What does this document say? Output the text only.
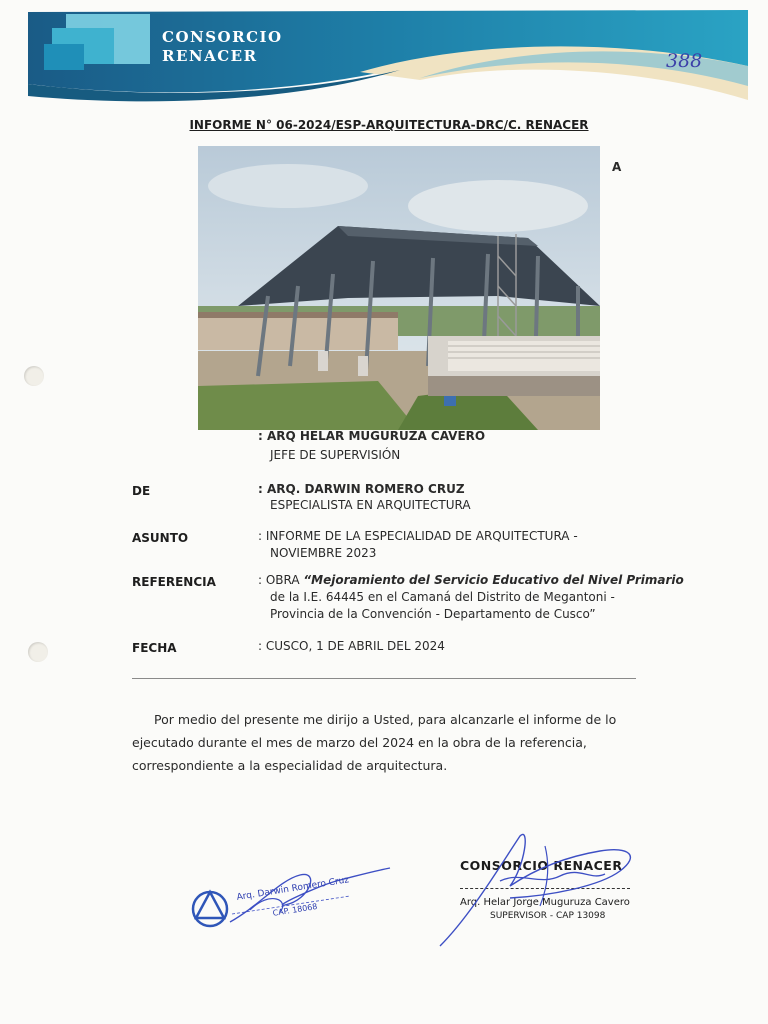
CONSORCIO
RENACER	388
INFORME N° 06-2024/ESP-ARQUITECTURA-DRC/C. RENACER
A
: ARQ HELAR MUGURUZA CAVERO
JEFE DE SUPERVISIÓN
DE	: ARQ. DARWIN ROMERO CRUZ
ESPECIALISTA EN ARQUITECTURA
ASUNTO	: INFORME DE LA ESPECIALIDAD DE ARQUITECTURA -
NOVIEMBRE 2023
REFERENCIA	: OBRA “Mejoramiento del Servicio Educativo del Nivel Primario
de la I.E. 64445 en el Camaná del Distrito de Megantoni -
Provincia de la Convención - Departamento de Cusco”
FECHA	: CUSCO, 1 DE ABRIL DEL 2024
Por medio del presente me dirijo a Usted, para alcanzarle el informe de lo
ejecutado durante el mes de marzo del 2024 en la obra de la referencia,
correspondiente a la especialidad de arquitectura.
Arq. Darwin Romero Cruz
CAP. 18068
CONSORCIO RENACER
Arq. Helar Jorge Muguruza Cavero
SUPERVISOR - CAP 13098
